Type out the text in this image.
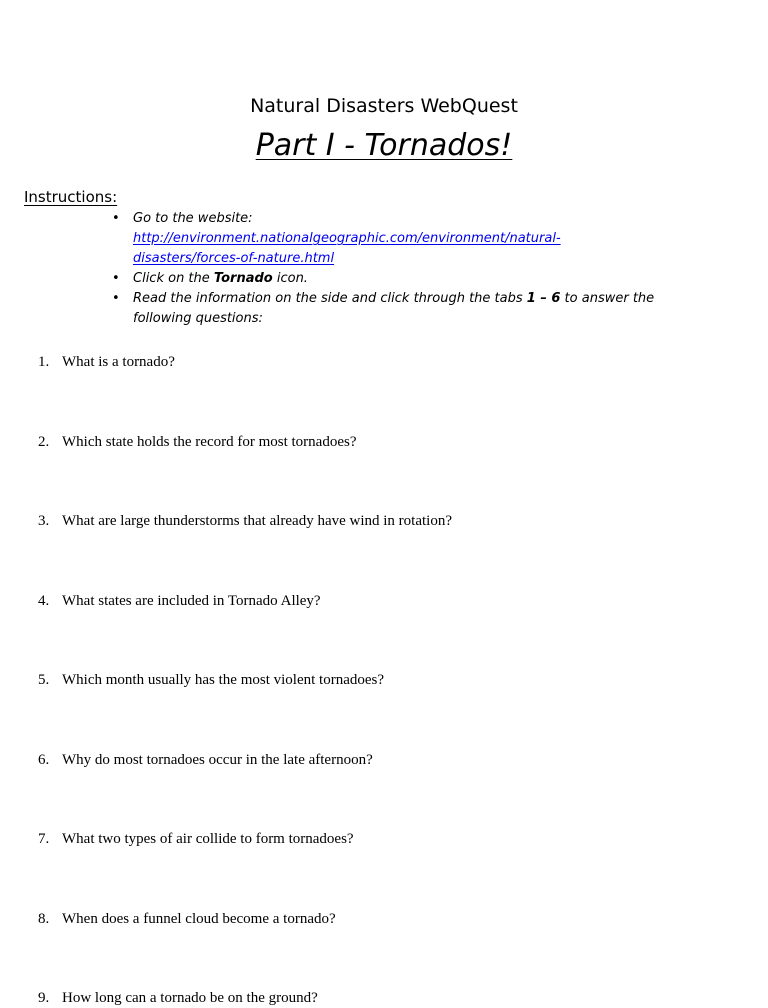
Natural Disasters WebQuest
Part I - Tornados!
Instructions:
• Go to the website:
http://environment.nationalgeographic.com/environment/natural-disasters/forces-of-nature.html
• Click on the Tornado icon.
• Read the information on the side and click through the tabs 1 – 6 to answer the following questions:
1. What is a tornado?
2. Which state holds the record for most tornadoes?
3. What are large thunderstorms that already have wind in rotation?
4. What states are included in Tornado Alley?
5. Which month usually has the most violent tornadoes?
6. Why do most tornadoes occur in the late afternoon?
7. What two types of air collide to form tornadoes?
8. When does a funnel cloud become a tornado?
9. How long can a tornado be on the ground?
